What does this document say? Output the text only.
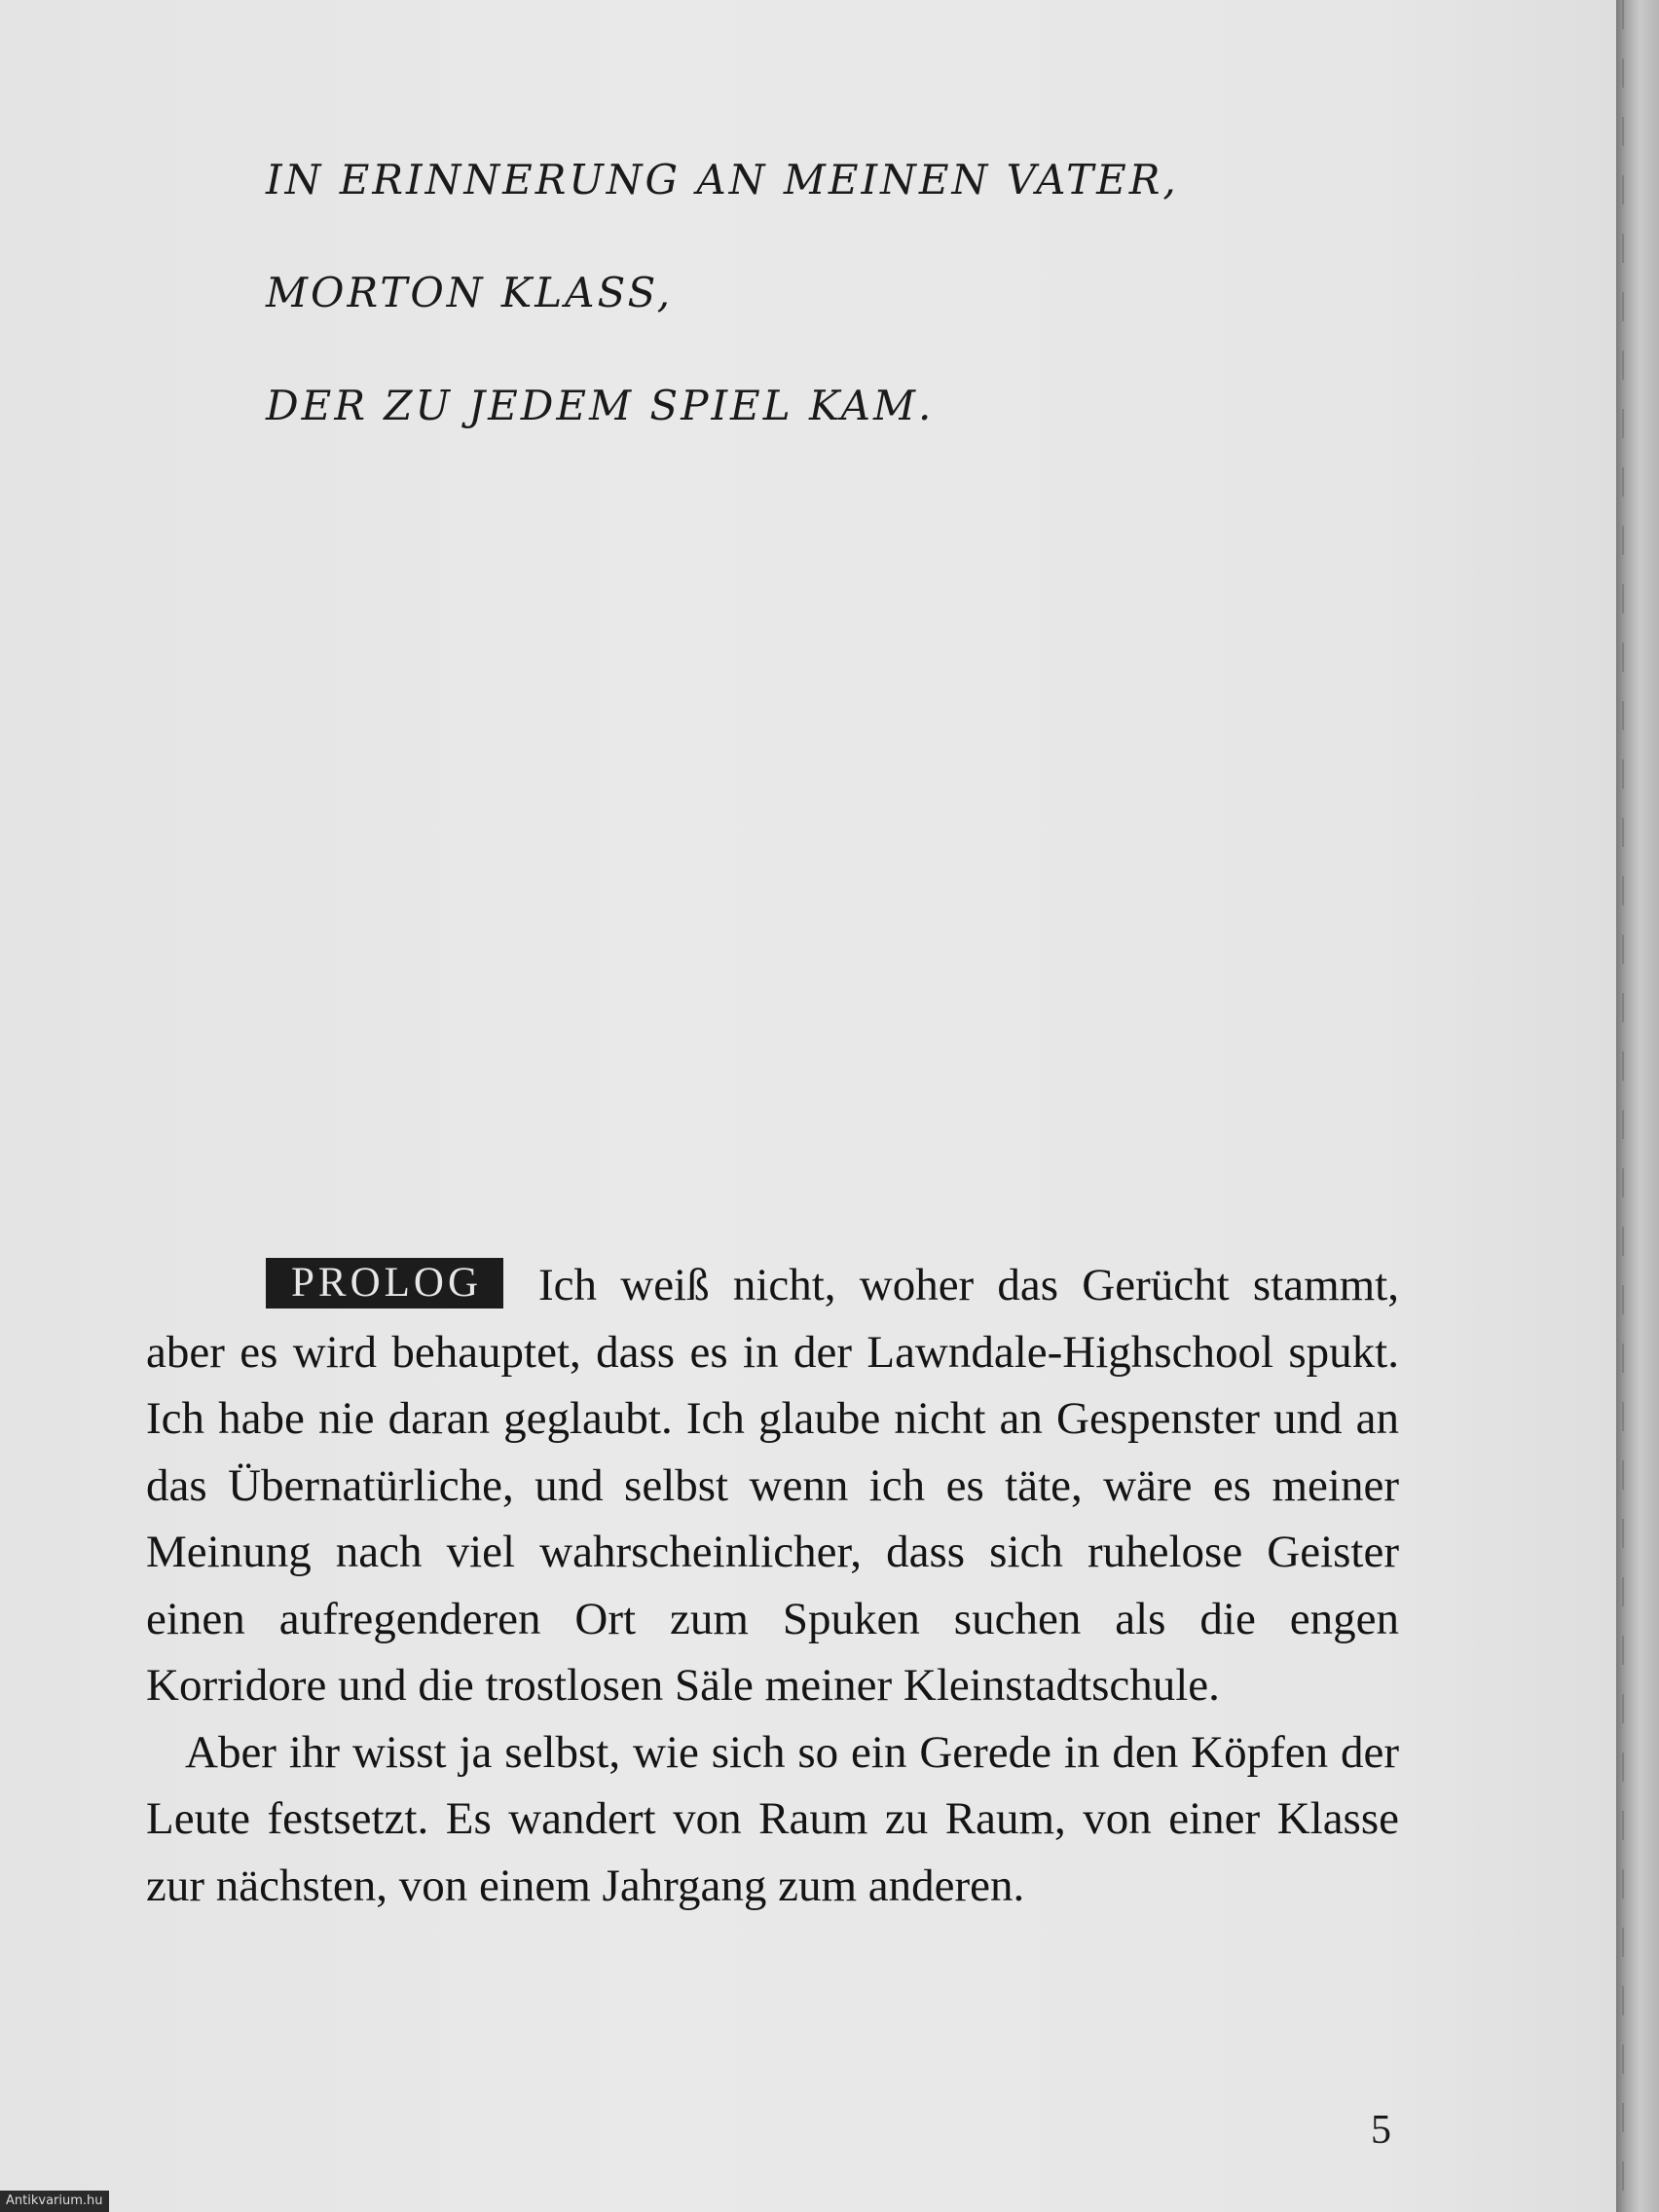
IN ERINNERUNG AN MEINEN VATER,
MORTON KLASS,
DER ZU JEDEM SPIEL KAM.

PROLOG Ich weiß nicht, woher das Gerücht stammt, aber es wird behauptet, dass es in der Lawndale-Highschool spukt. Ich habe nie daran geglaubt. Ich glaube nicht an Gespenster und an das Übernatürliche, und selbst wenn ich es täte, wäre es meiner Meinung nach viel wahrscheinlicher, dass sich ruhelose Geister einen aufregenderen Ort zum Spuken suchen als die engen Korridore und die trostlosen Säle meiner Kleinstadtschule.

Aber ihr wisst ja selbst, wie sich so ein Gerede in den Köpfen der Leute festsetzt. Es wandert von Raum zu Raum, von einer Klasse zur nächsten, von einem Jahrgang zum anderen.

5
Antikvarium.hu
